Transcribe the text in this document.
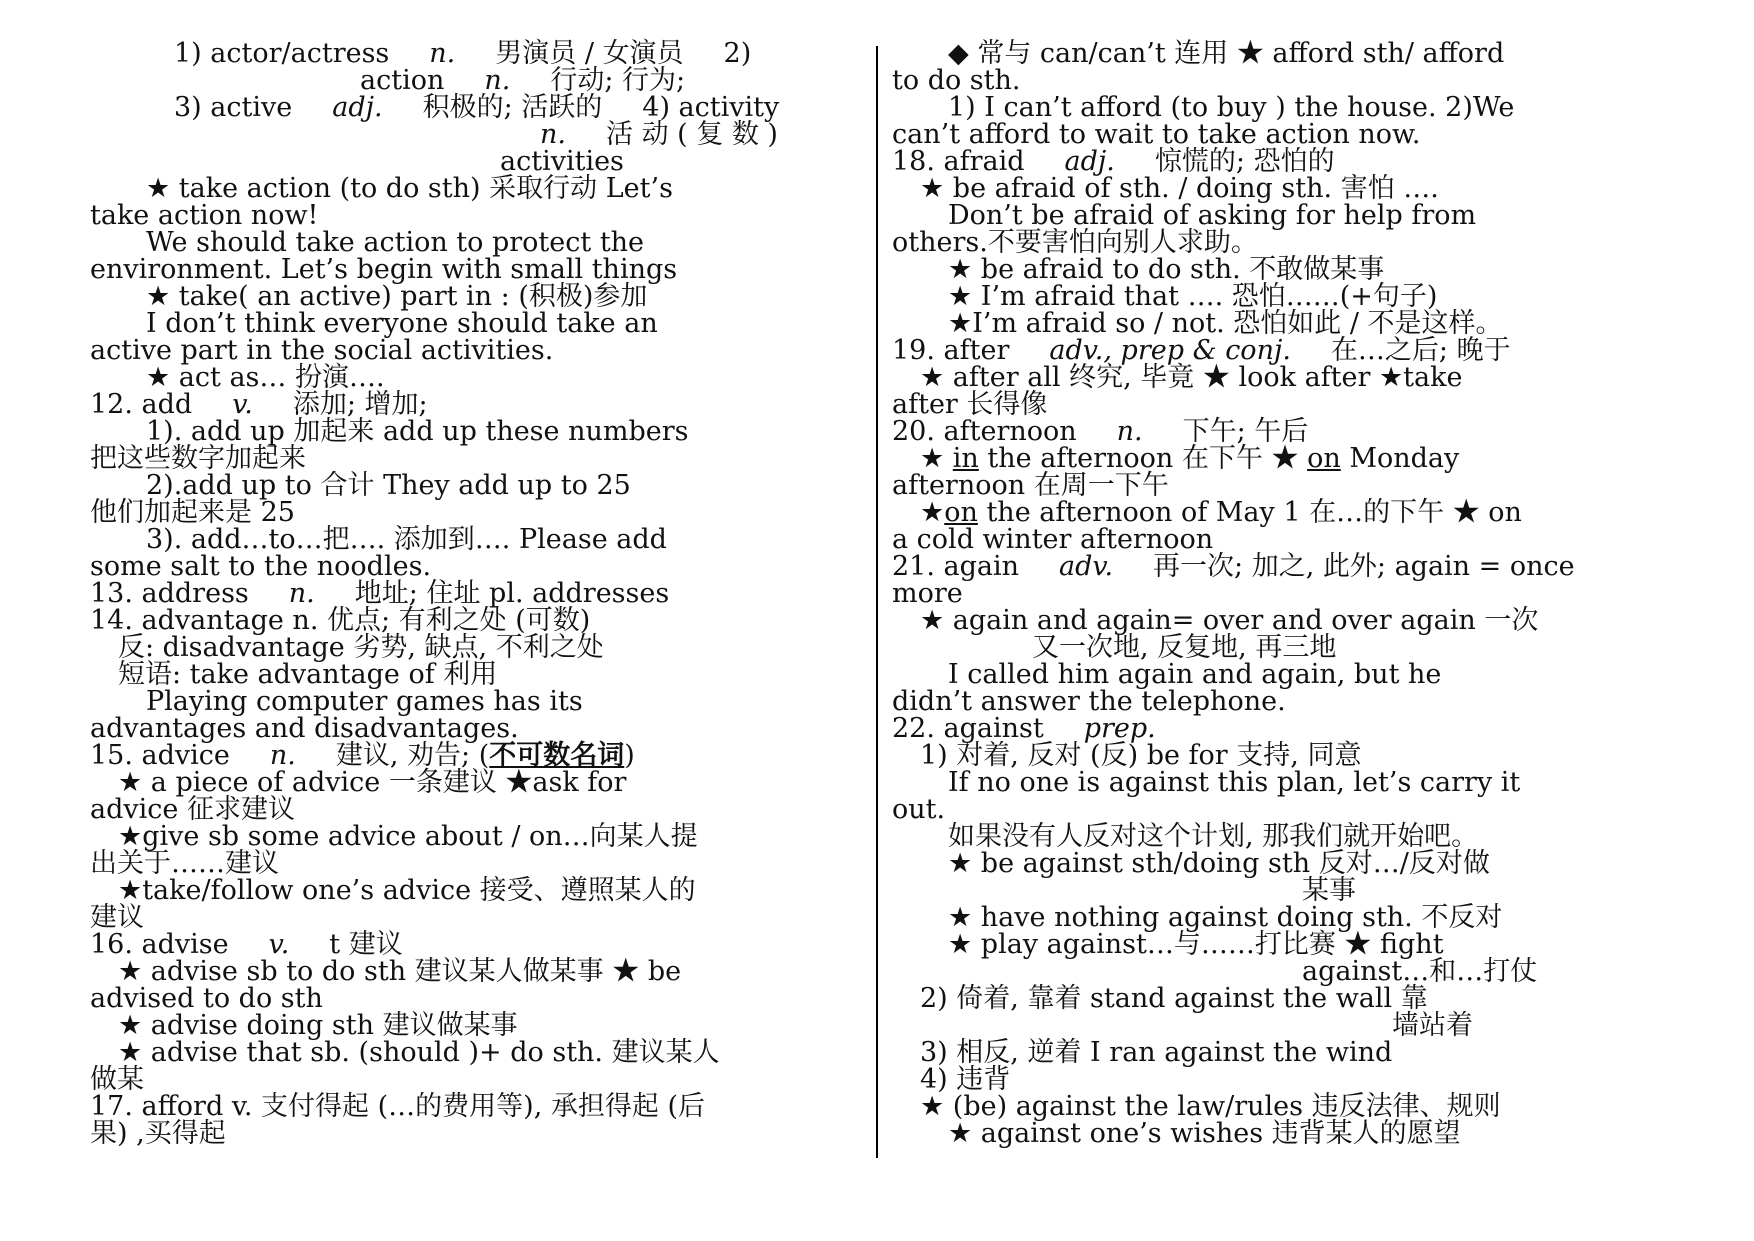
1) actor/actress n. 男演员 / 女演员 2)
action n. 行动; 行为;
3) active adj. 积极的; 活跃的 4) activity
n. 活 动 ( 复 数 )
activities
★ take action (to do sth) 采取行动 Let’s
take action now!
We should take action to protect the
environment. Let’s begin with small things
★ take( an active) part in : (积极)参加
I don’t think everyone should take an
active part in the social activities.
★ act as… 扮演….
12. add v. 添加; 增加;
1). add up 加起来 add up these numbers
把这些数字加起来
2).add up to 合计 They add up to 25
他们加起来是 25
3). add…to…把…. 添加到…. Please add
some salt to the noodles.
13. address n. 地址; 住址 pl. addresses
14. advantage n. 优点; 有利之处 (可数)
反: disadvantage 劣势, 缺点, 不利之处
短语: take advantage of 利用
Playing computer games has its
advantages and disadvantages.
15. advice n. 建议, 劝告; (不可数名词)
★ a piece of advice 一条建议 ★ask for
advice 征求建议
★give sb some advice about / on…向某人提
出关于……建议
★take/follow one’s advice 接受、遵照某人的
建议
16. advise v. t 建议
★ advise sb to do sth 建议某人做某事 ★ be
advised to do sth
★ advise doing sth 建议做某事
★ advise that sb. (should )+ do sth. 建议某人
做某
17. afford v. 支付得起 (…的费用等), 承担得起 (后
果) ,买得起
◆ 常与 can/can’t 连用 ★ afford sth/ afford
to do sth.
1) I can’t afford (to buy ) the house. 2)We
can’t afford to wait to take action now.
18. afraid adj. 惊慌的; 恐怕的
★ be afraid of sth. / doing sth. 害怕 ….
Don’t be afraid of asking for help from
others.不要害怕向别人求助。
★ be afraid to do sth. 不敢做某事
★ I’m afraid that …. 恐怕……(+句子)
★I’m afraid so / not. 恐怕如此 / 不是这样。
19. after adv., prep & conj. 在…之后; 晚于
★ after all 终究, 毕竟 ★ look after ★take
after 长得像
20. afternoon n. 下午; 午后
★ in the afternoon 在下午 ★ on Monday
afternoon 在周一下午
★on the afternoon of May 1 在…的下午 ★ on
a cold winter afternoon
21. again adv. 再一次; 加之, 此外; again = once
more
★ again and again= over and over again 一次
又一次地, 反复地, 再三地
I called him again and again, but he
didn’t answer the telephone.
22. against prep.
1) 对着, 反对 (反) be for 支持, 同意
If no one is against this plan, let’s carry it
out.
如果没有人反对这个计划, 那我们就开始吧。
★ be against sth/doing sth 反对…/反对做
某事
★ have nothing against doing sth. 不反对
★ play against…与……打比赛 ★ fight
against…和…打仗
2) 倚着, 靠着 stand against the wall 靠
墙站着
3) 相反, 逆着 I ran against the wind
4) 违背
★ (be) against the law/rules 违反法律、规则
★ against one’s wishes 违背某人的愿望
